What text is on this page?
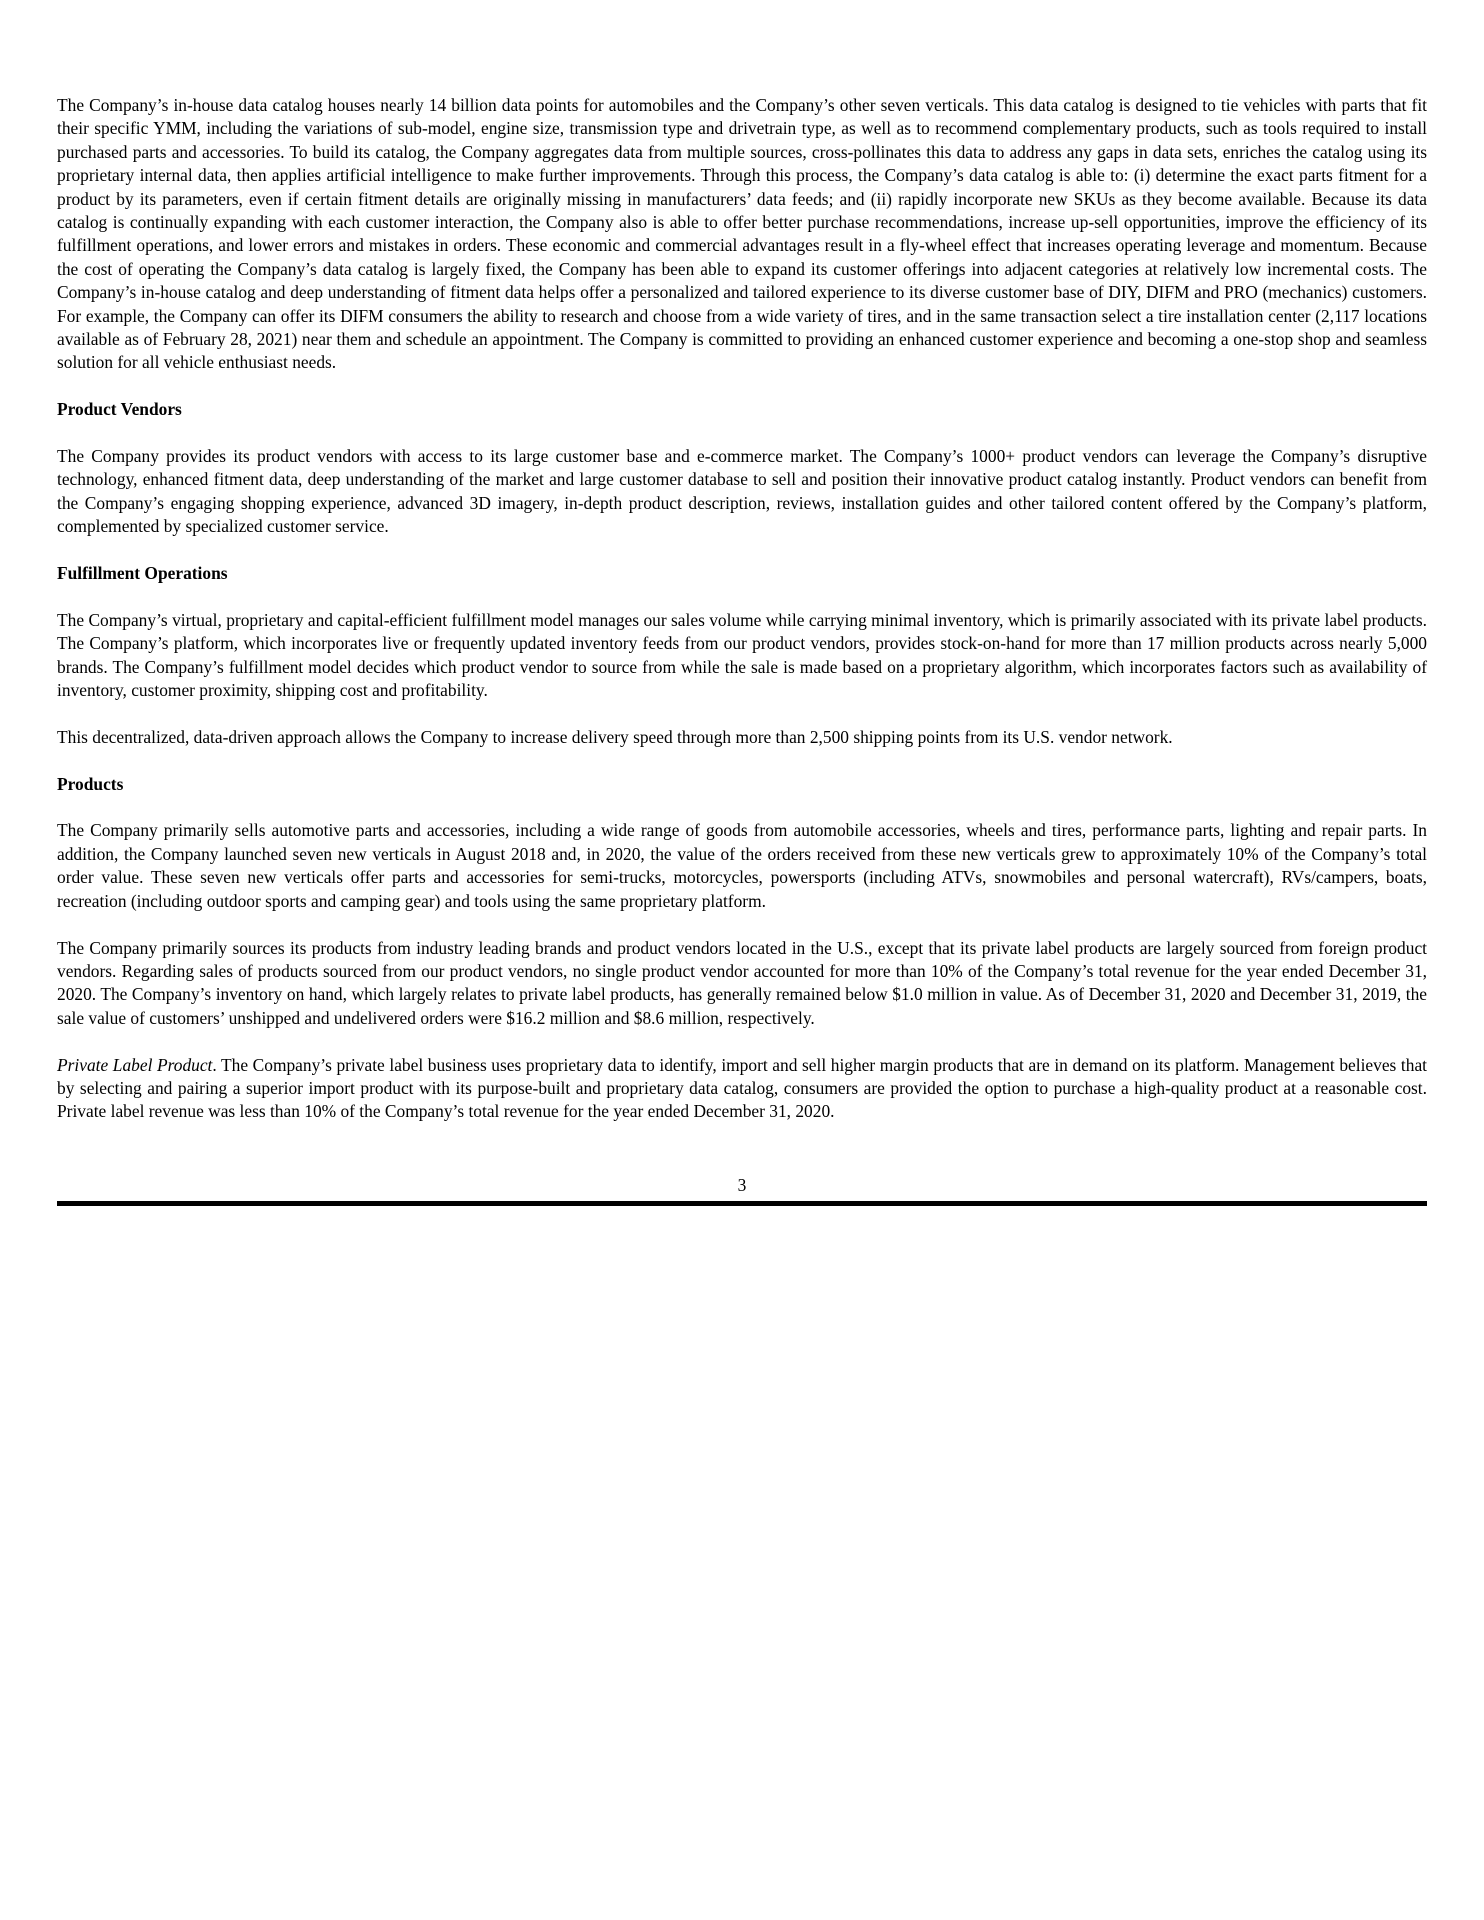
The Company’s in-house data catalog houses nearly 14 billion data points for automobiles and the Company’s other seven verticals. This data catalog is designed to tie vehicles with parts that fit their specific YMM, including the variations of sub-model, engine size, transmission type and drivetrain type, as well as to recommend complementary products, such as tools required to install purchased parts and accessories. To build its catalog, the Company aggregates data from multiple sources, cross-pollinates this data to address any gaps in data sets, enriches the catalog using its proprietary internal data, then applies artificial intelligence to make further improvements. Through this process, the Company’s data catalog is able to: (i) determine the exact parts fitment for a product by its parameters, even if certain fitment details are originally missing in manufacturers’ data feeds; and (ii) rapidly incorporate new SKUs as they become available. Because its data catalog is continually expanding with each customer interaction, the Company also is able to offer better purchase recommendations, increase up-sell opportunities, improve the efficiency of its fulfillment operations, and lower errors and mistakes in orders. These economic and commercial advantages result in a fly-wheel effect that increases operating leverage and momentum. Because the cost of operating the Company’s data catalog is largely fixed, the Company has been able to expand its customer offerings into adjacent categories at relatively low incremental costs. The Company’s in-house catalog and deep understanding of fitment data helps offer a personalized and tailored experience to its diverse customer base of DIY, DIFM and PRO (mechanics) customers. For example, the Company can offer its DIFM consumers the ability to research and choose from a wide variety of tires, and in the same transaction select a tire installation center (2,117 locations available as of February 28, 2021) near them and schedule an appointment. The Company is committed to providing an enhanced customer experience and becoming a one-stop shop and seamless solution for all vehicle enthusiast needs.

Product Vendors

The Company provides its product vendors with access to its large customer base and e-commerce market. The Company’s 1000+ product vendors can leverage the Company’s disruptive technology, enhanced fitment data, deep understanding of the market and large customer database to sell and position their innovative product catalog instantly. Product vendors can benefit from the Company’s engaging shopping experience, advanced 3D imagery, in-depth product description, reviews, installation guides and other tailored content offered by the Company’s platform, complemented by specialized customer service.

Fulfillment Operations

The Company’s virtual, proprietary and capital-efficient fulfillment model manages our sales volume while carrying minimal inventory, which is primarily associated with its private label products. The Company’s platform, which incorporates live or frequently updated inventory feeds from our product vendors, provides stock-on-hand for more than 17 million products across nearly 5,000 brands. The Company’s fulfillment model decides which product vendor to source from while the sale is made based on a proprietary algorithm, which incorporates factors such as availability of inventory, customer proximity, shipping cost and profitability.

This decentralized, data-driven approach allows the Company to increase delivery speed through more than 2,500 shipping points from its U.S. vendor network.

Products

The Company primarily sells automotive parts and accessories, including a wide range of goods from automobile accessories, wheels and tires, performance parts, lighting and repair parts. In addition, the Company launched seven new verticals in August 2018 and, in 2020, the value of the orders received from these new verticals grew to approximately 10% of the Company’s total order value. These seven new verticals offer parts and accessories for semi-trucks, motorcycles, powersports (including ATVs, snowmobiles and personal watercraft), RVs/campers, boats, recreation (including outdoor sports and camping gear) and tools using the same proprietary platform.

The Company primarily sources its products from industry leading brands and product vendors located in the U.S., except that its private label products are largely sourced from foreign product vendors. Regarding sales of products sourced from our product vendors, no single product vendor accounted for more than 10% of the Company’s total revenue for the year ended December 31, 2020. The Company’s inventory on hand, which largely relates to private label products, has generally remained below $1.0 million in value. As of December 31, 2020 and December 31, 2019, the sale value of customers’ unshipped and undelivered orders were $16.2 million and $8.6 million, respectively.

Private Label Product. The Company’s private label business uses proprietary data to identify, import and sell higher margin products that are in demand on its platform. Management believes that by selecting and pairing a superior import product with its purpose-built and proprietary data catalog, consumers are provided the option to purchase a high-quality product at a reasonable cost. Private label revenue was less than 10% of the Company’s total revenue for the year ended December 31, 2020.

3
